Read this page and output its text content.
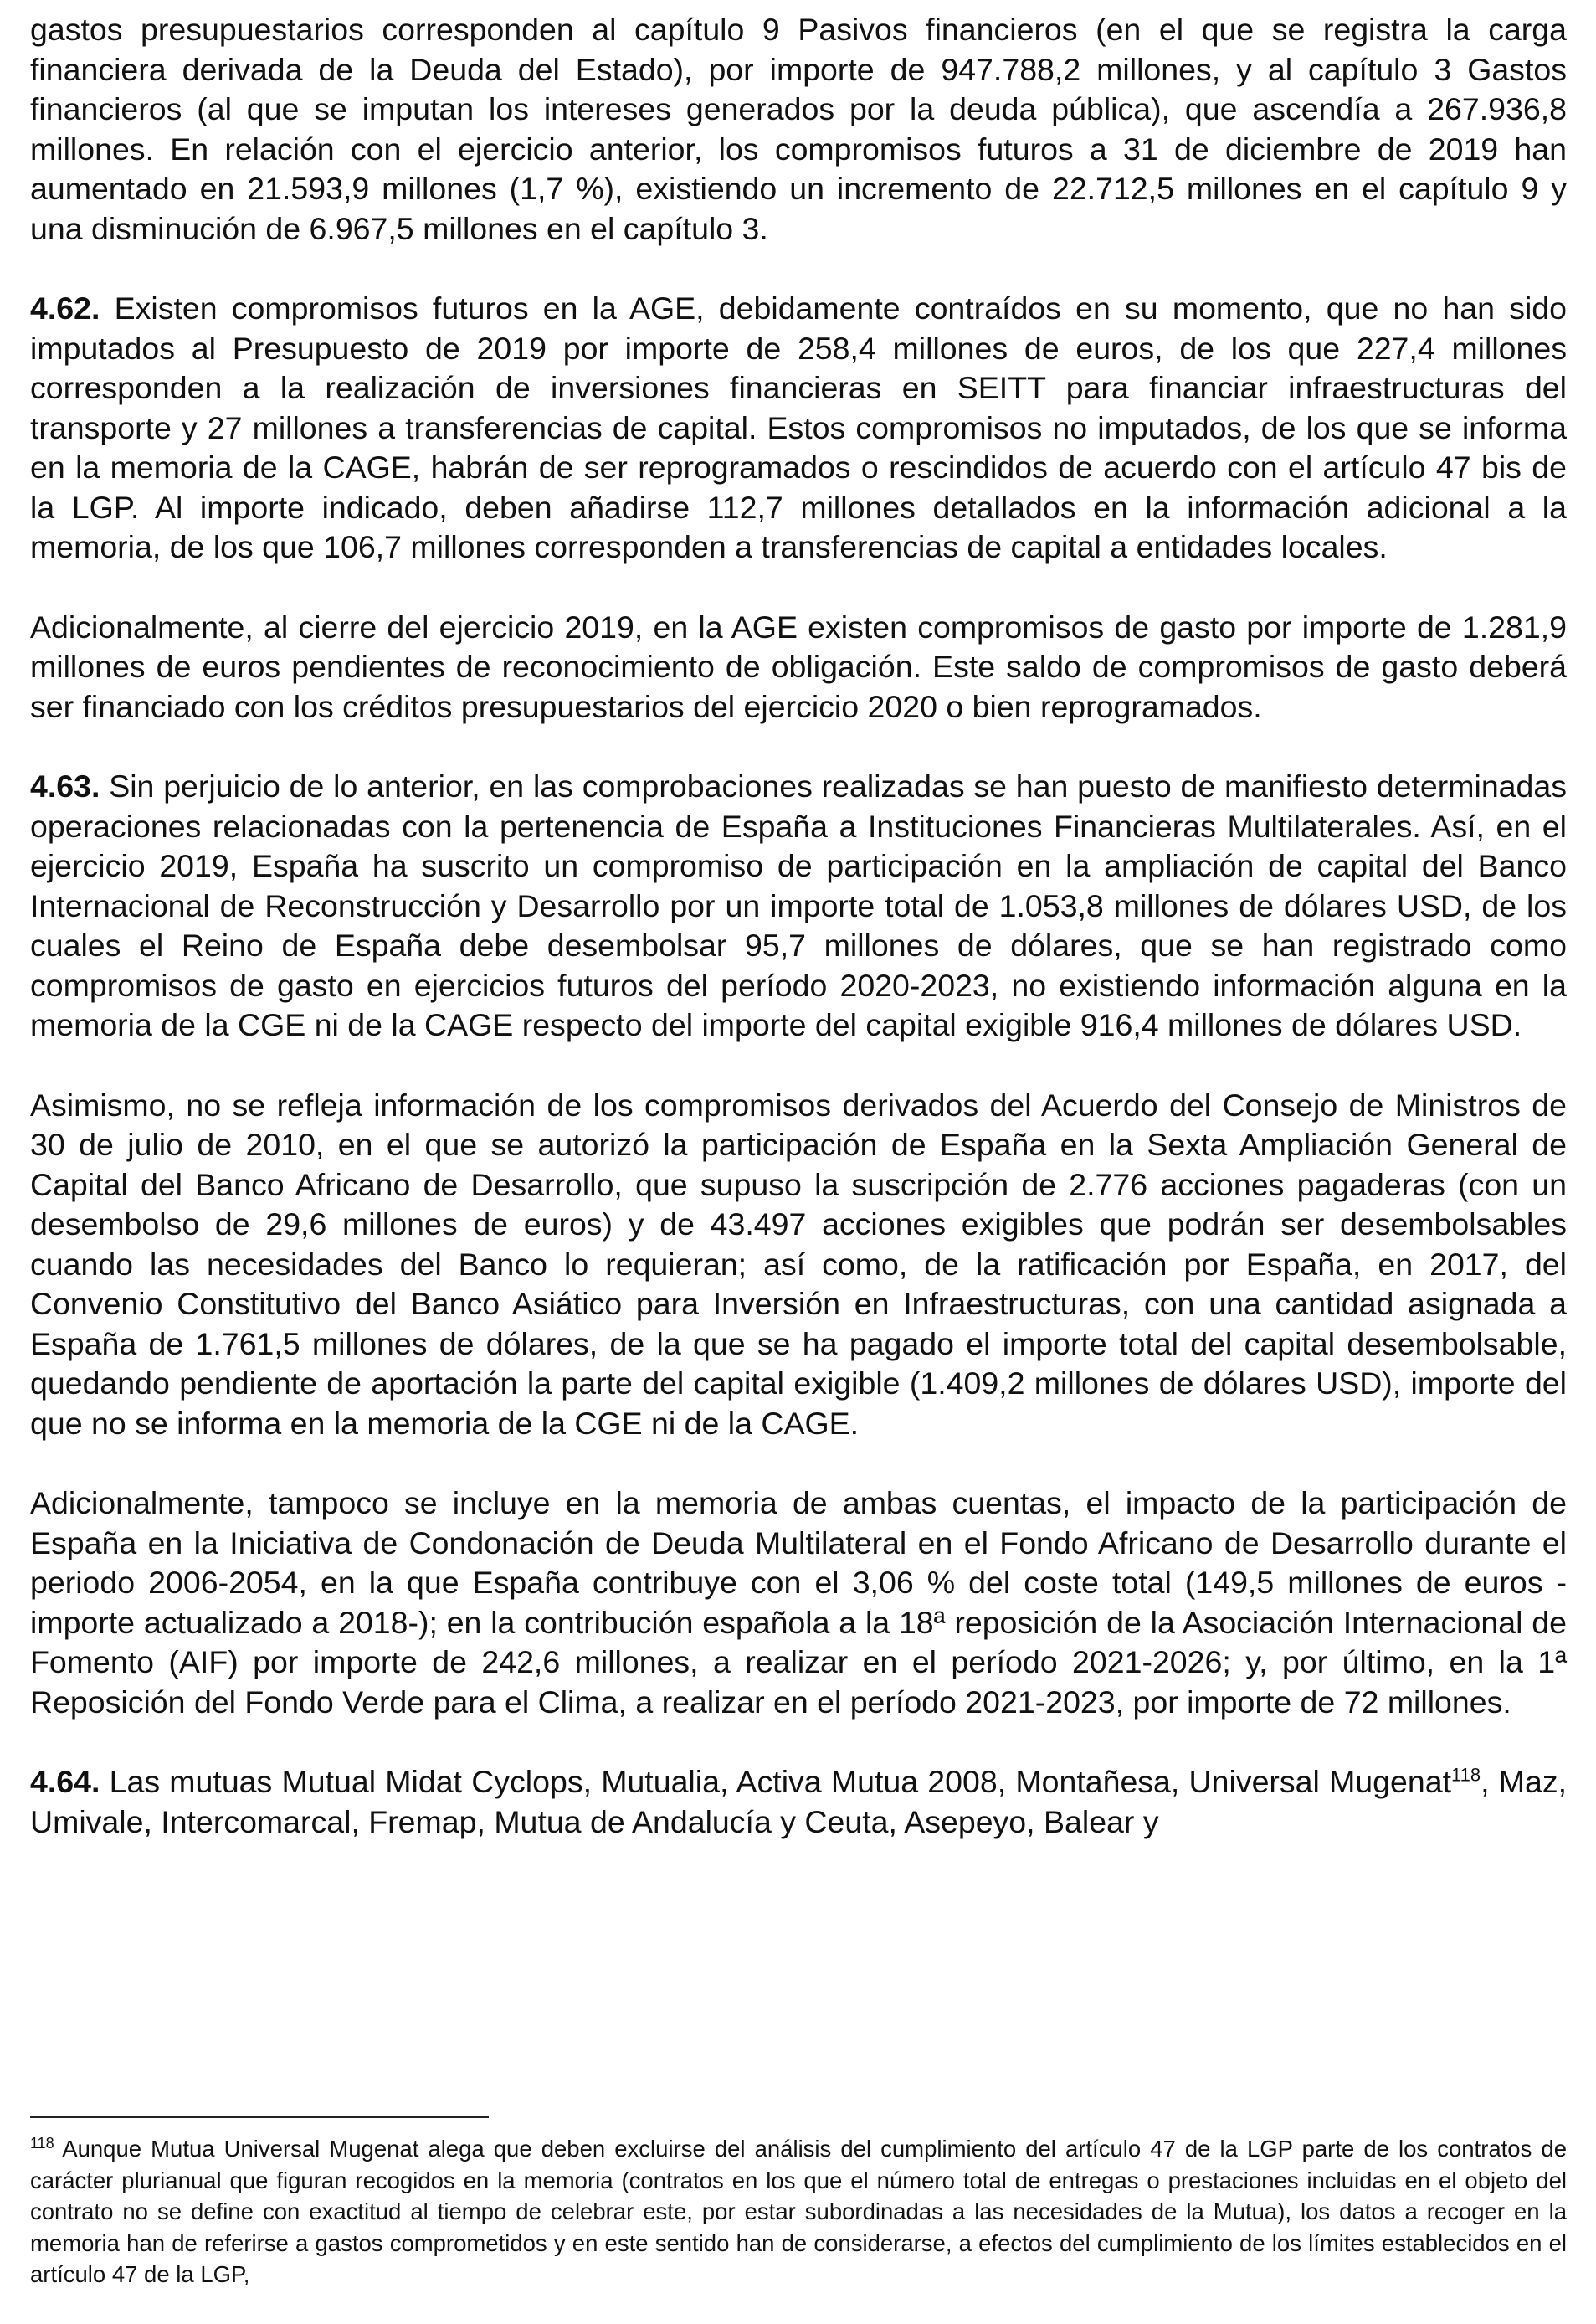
gastos presupuestarios corresponden al capítulo 9 Pasivos financieros (en el que se registra la carga financiera derivada de la Deuda del Estado), por importe de 947.788,2 millones, y al capítulo 3 Gastos financieros (al que se imputan los intereses generados por la deuda pública), que ascendía a 267.936,8 millones. En relación con el ejercicio anterior, los compromisos futuros a 31 de diciembre de 2019 han aumentado en 21.593,9 millones (1,7 %), existiendo un incremento de 22.712,5 millones en el capítulo 9 y una disminución de 6.967,5 millones en el capítulo 3.

4.62. Existen compromisos futuros en la AGE, debidamente contraídos en su momento, que no han sido imputados al Presupuesto de 2019 por importe de 258,4 millones de euros, de los que 227,4 millones corresponden a la realización de inversiones financieras en SEITT para financiar infraestructuras del transporte y 27 millones a transferencias de capital. Estos compromisos no imputados, de los que se informa en la memoria de la CAGE, habrán de ser reprogramados o rescindidos de acuerdo con el artículo 47 bis de la LGP. Al importe indicado, deben añadirse 112,7 millones detallados en la información adicional a la memoria, de los que 106,7 millones corresponden a transferencias de capital a entidades locales.

Adicionalmente, al cierre del ejercicio 2019, en la AGE existen compromisos de gasto por importe de 1.281,9 millones de euros pendientes de reconocimiento de obligación. Este saldo de compromisos de gasto deberá ser financiado con los créditos presupuestarios del ejercicio 2020 o bien reprogramados.

4.63. Sin perjuicio de lo anterior, en las comprobaciones realizadas se han puesto de manifiesto determinadas operaciones relacionadas con la pertenencia de España a Instituciones Financieras Multilaterales. Así, en el ejercicio 2019, España ha suscrito un compromiso de participación en la ampliación de capital del Banco Internacional de Reconstrucción y Desarrollo por un importe total de 1.053,8 millones de dólares USD, de los cuales el Reino de España debe desembolsar 95,7 millones de dólares, que se han registrado como compromisos de gasto en ejercicios futuros del período 2020-2023, no existiendo información alguna en la memoria de la CGE ni de la CAGE respecto del importe del capital exigible 916,4 millones de dólares USD.

Asimismo, no se refleja información de los compromisos derivados del Acuerdo del Consejo de Ministros de 30 de julio de 2010, en el que se autorizó la participación de España en la Sexta Ampliación General de Capital del Banco Africano de Desarrollo, que supuso la suscripción de 2.776 acciones pagaderas (con un desembolso de 29,6 millones de euros) y de 43.497 acciones exigibles que podrán ser desembolsables cuando las necesidades del Banco lo requieran; así como, de la ratificación por España, en 2017, del Convenio Constitutivo del Banco Asiático para Inversión en Infraestructuras, con una cantidad asignada a España de 1.761,5 millones de dólares, de la que se ha pagado el importe total del capital desembolsable, quedando pendiente de aportación la parte del capital exigible (1.409,2 millones de dólares USD), importe del que no se informa en la memoria de la CGE ni de la CAGE.

Adicionalmente, tampoco se incluye en la memoria de ambas cuentas, el impacto de la participación de España en la Iniciativa de Condonación de Deuda Multilateral en el Fondo Africano de Desarrollo durante el periodo 2006-2054, en la que España contribuye con el 3,06 % del coste total (149,5 millones de euros -importe actualizado a 2018-); en la contribución española a la 18ª reposición de la Asociación Internacional de Fomento (AIF) por importe de 242,6 millones, a realizar en el período 2021-2026; y, por último, en la 1ª Reposición del Fondo Verde para el Clima, a realizar en el período 2021-2023, por importe de 72 millones.

4.64. Las mutuas Mutual Midat Cyclops, Mutualia, Activa Mutua 2008, Montañesa, Universal Mugenat$^{118}$, Maz, Umivale, Intercomarcal, Fremap, Mutua de Andalucía y Ceuta, Asepeyo, Balear y

$^{118}$ Aunque Mutua Universal Mugenat alega que deben excluirse del análisis del cumplimiento del artículo 47 de la LGP parte de los contratos de carácter plurianual que figuran recogidos en la memoria (contratos en los que el número total de entregas o prestaciones incluidas en el objeto del contrato no se define con exactitud al tiempo de celebrar este, por estar subordinadas a las necesidades de la Mutua), los datos a recoger en la memoria han de referirse a gastos comprometidos y en este sentido han de considerarse, a efectos del cumplimiento de los límites establecidos en el artículo 47 de la LGP,
